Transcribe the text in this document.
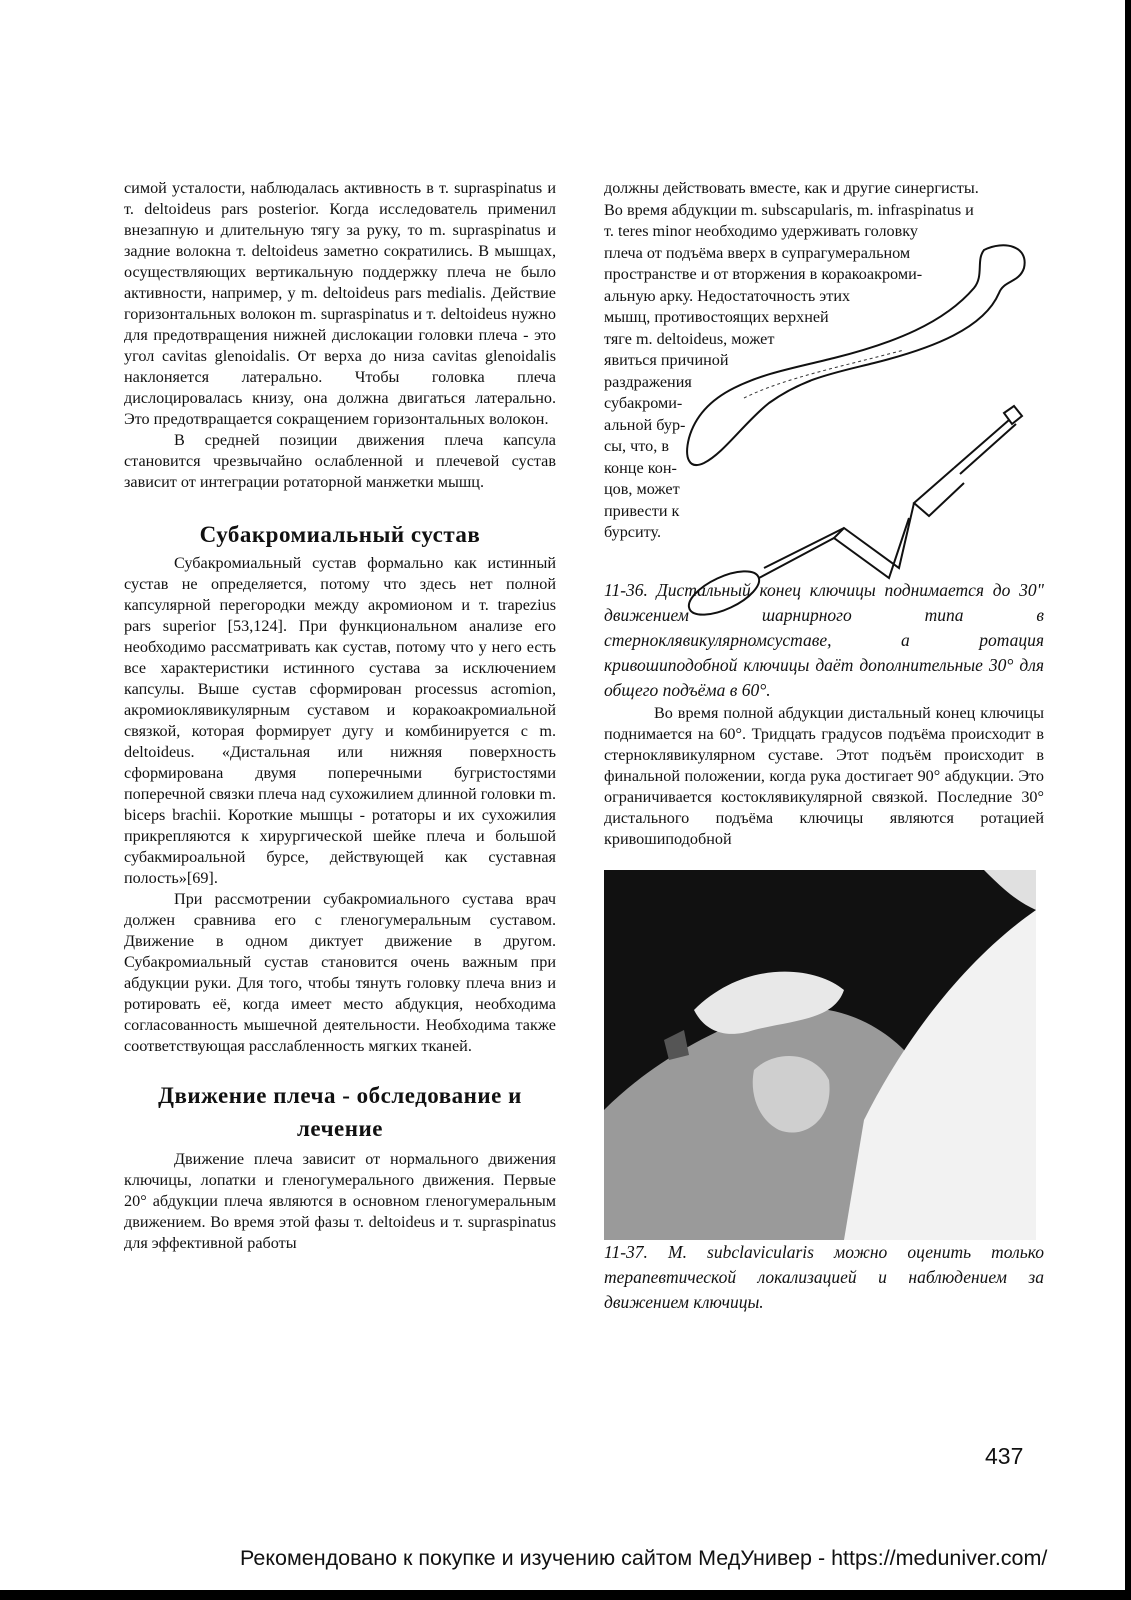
симой усталости, наблюдалась активность в т. supraspinatus и т. deltoideus pars posterior. Когда исследователь применил внезапную и длительную тягу за руку, то m. supraspinatus и задние волокна т. deltoideus заметно сократились. В мышцах, осуществляющих вертикальную поддержку плеча не было активности, например, у m. deltoideus pars medialis. Действие горизонтальных волокон m. supraspinatus и т. deltoideus нужно для предотвращения нижней дислокации головки плеча - это угол cavitas glenoidalis. От верха до низа cavitas glenoidalis наклоняется латерально. Чтобы головка плеча дислоцировалась книзу, она должна двигаться латерально. Это предотвращается сокращением горизонтальных волокон.

В средней позиции движения плеча капсула становится чрезвычайно ослабленной и плечевой сустав зависит от интеграции ротаторной манжетки мышц.

Субакромиальный сустав

Субакромиальный сустав формально как истинный сустав не определяется, потому что здесь нет полной капсулярной перегородки между акромионом и т. trapezius pars superior [53,124]. При функциональном анализе его необходимо рассматривать как сустав, потому что у него есть все характеристики истинного сустава за исключением капсулы. Выше сустав сформирован processus acromion, акромиоклявикулярным суставом и коракоакромиальной связкой, которая формирует дугу и комбинируется с m. deltoideus. «Дистальная или нижняя поверхность сформирована двумя поперечными бугристостями поперечной связки плеча над сухожилием длинной головки m. biceps brachii. Короткие мышцы - ротаторы и их сухожилия прикрепляются к хирургической шейке плеча и большой субакмироальной бурсе, действующей как суставная полость»[69].

При рассмотрении субакромиального сустава врач должен сравнива его с гленогумеральным суставом. Движение в одном диктует движение в другом. Субакромиальный сустав становится очень важным при абдукции руки. Для того, чтобы тянуть головку плеча вниз и ротировать её, когда имеет место абдукция, необходима согласованность мышечной деятельности. Необходима также соответствующая расслабленность мягких тканей.

Движение плеча - обследование и лечение

Движение плеча зависит от нормального движения ключицы, лопатки и гленогумерального движения. Первые 20° абдукции плеча являются в основном гленогумеральным движением. Во время этой фазы т. deltoideus и т. supraspinatus для эффективной работы

должны действовать вместе, как и другие синергисты.
Во время абдукции m. subscapularis, m. infraspinatus и
т. teres minor необходимо удерживать головку
плеча от подъёма вверх в супрагумеральном
пространстве и от вторжения в коракоакроми-
альную арку. Недостаточность этих
мышц, противостоящих верхней
тяге m. deltoideus, может
явиться причиной
раздражения
субакроми-
альной бур-
сы, что, в
конце кон-
цов, может
привести к
бурситу.

11-36. Дистальный конец ключицы поднимается до 30" движением шарнирного типа в стерноклявикулярномсуставе, а ротация кривошиподобной ключицы даёт дополнительные 30° для общего подъёма в 60°.

Во время полной абдукции дистальный конец ключицы поднимается на 60°. Тридцать градусов подъёма происходит в стерноклявикулярном суставе. Этот подъём происходит в финальной положении, когда рука достигает 90° абдукции. Это ограничивается костоклявикулярной связкой. Последние 30° дистального подъёма ключицы являются ротацией кривошиподобной

11-37. M. subclavicularis можно оценить только терапевтической локализацией и наблюдением за движением ключицы.

437
Рекомендовано к покупке и изучению сайтом МедУнивер - https://meduniver.com/
